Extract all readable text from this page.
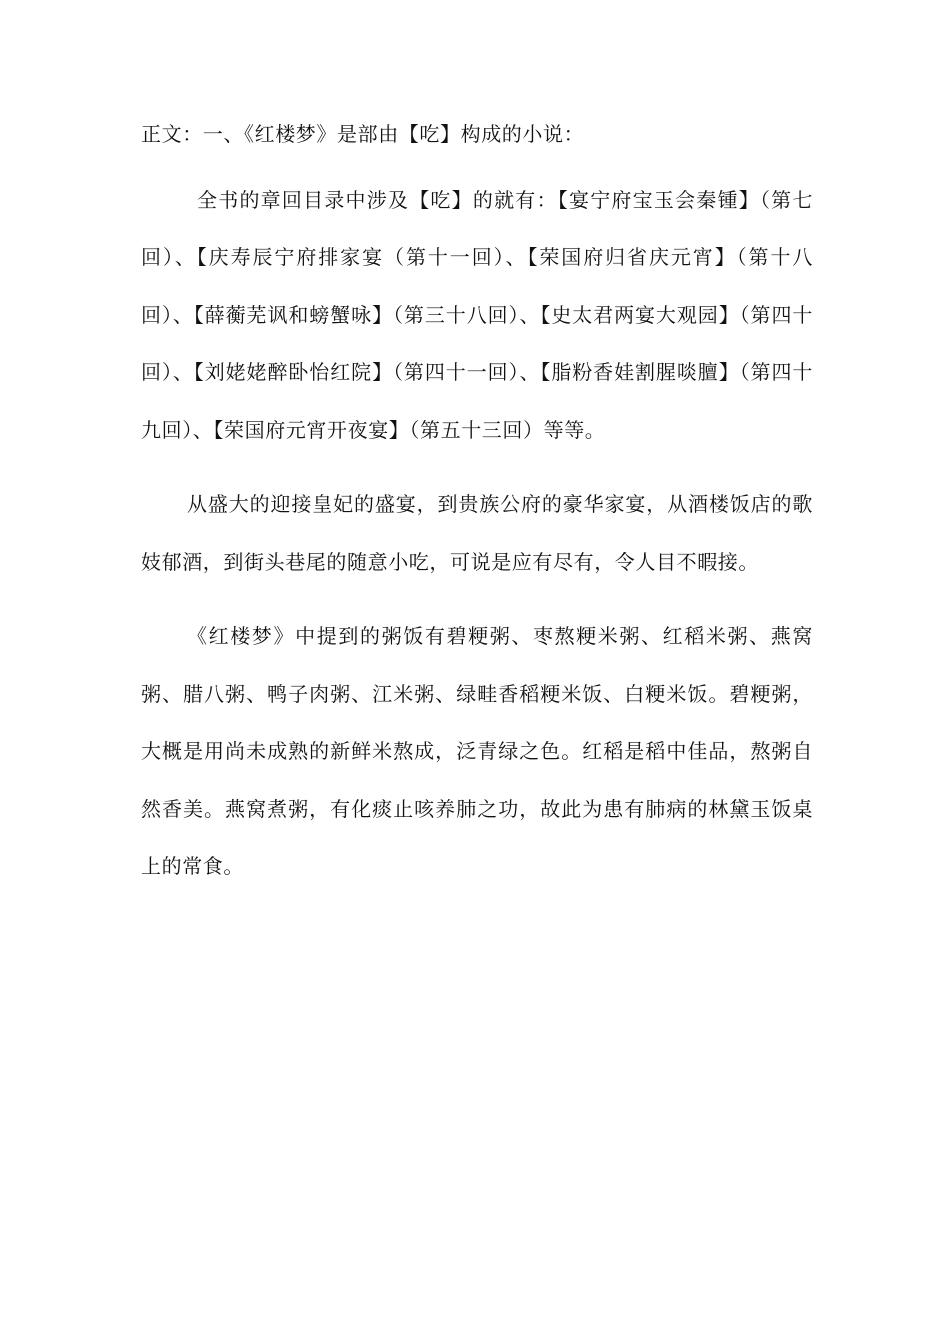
正文：一、《红楼梦》是部由【吃】构成的小说：

全书的章回目录中涉及【吃】的就有：【宴宁府宝玉会秦锺】（第七回）、【庆寿辰宁府排家宴（第十一回）、【荣国府归省庆元宵】（第十八回）、【薛蘅芜讽和螃蟹咏】（第三十八回）、【史太君两宴大观园】（第四十回）、【刘姥姥醉卧怡红院】（第四十一回）、【脂粉香娃割腥啖膻】（第四十九回）、【荣国府元宵开夜宴】（第五十三回）等等。

从盛大的迎接皇妃的盛宴，到贵族公府的豪华家宴，从酒楼饭店的歌妓郁酒，到街头巷尾的随意小吃，可说是应有尽有，令人目不暇接。

《红楼梦》中提到的粥饭有碧粳粥、枣熬粳米粥、红稻米粥、燕窝粥、腊八粥、鸭子肉粥、江米粥、绿畦香稻粳米饭、白粳米饭。碧粳粥，大概是用尚未成熟的新鲜米熬成，泛青绿之色。红稻是稻中佳品，熬粥自然香美。燕窝煮粥，有化痰止咳养肺之功，故此为患有肺病的林黛玉饭桌上的常食。
